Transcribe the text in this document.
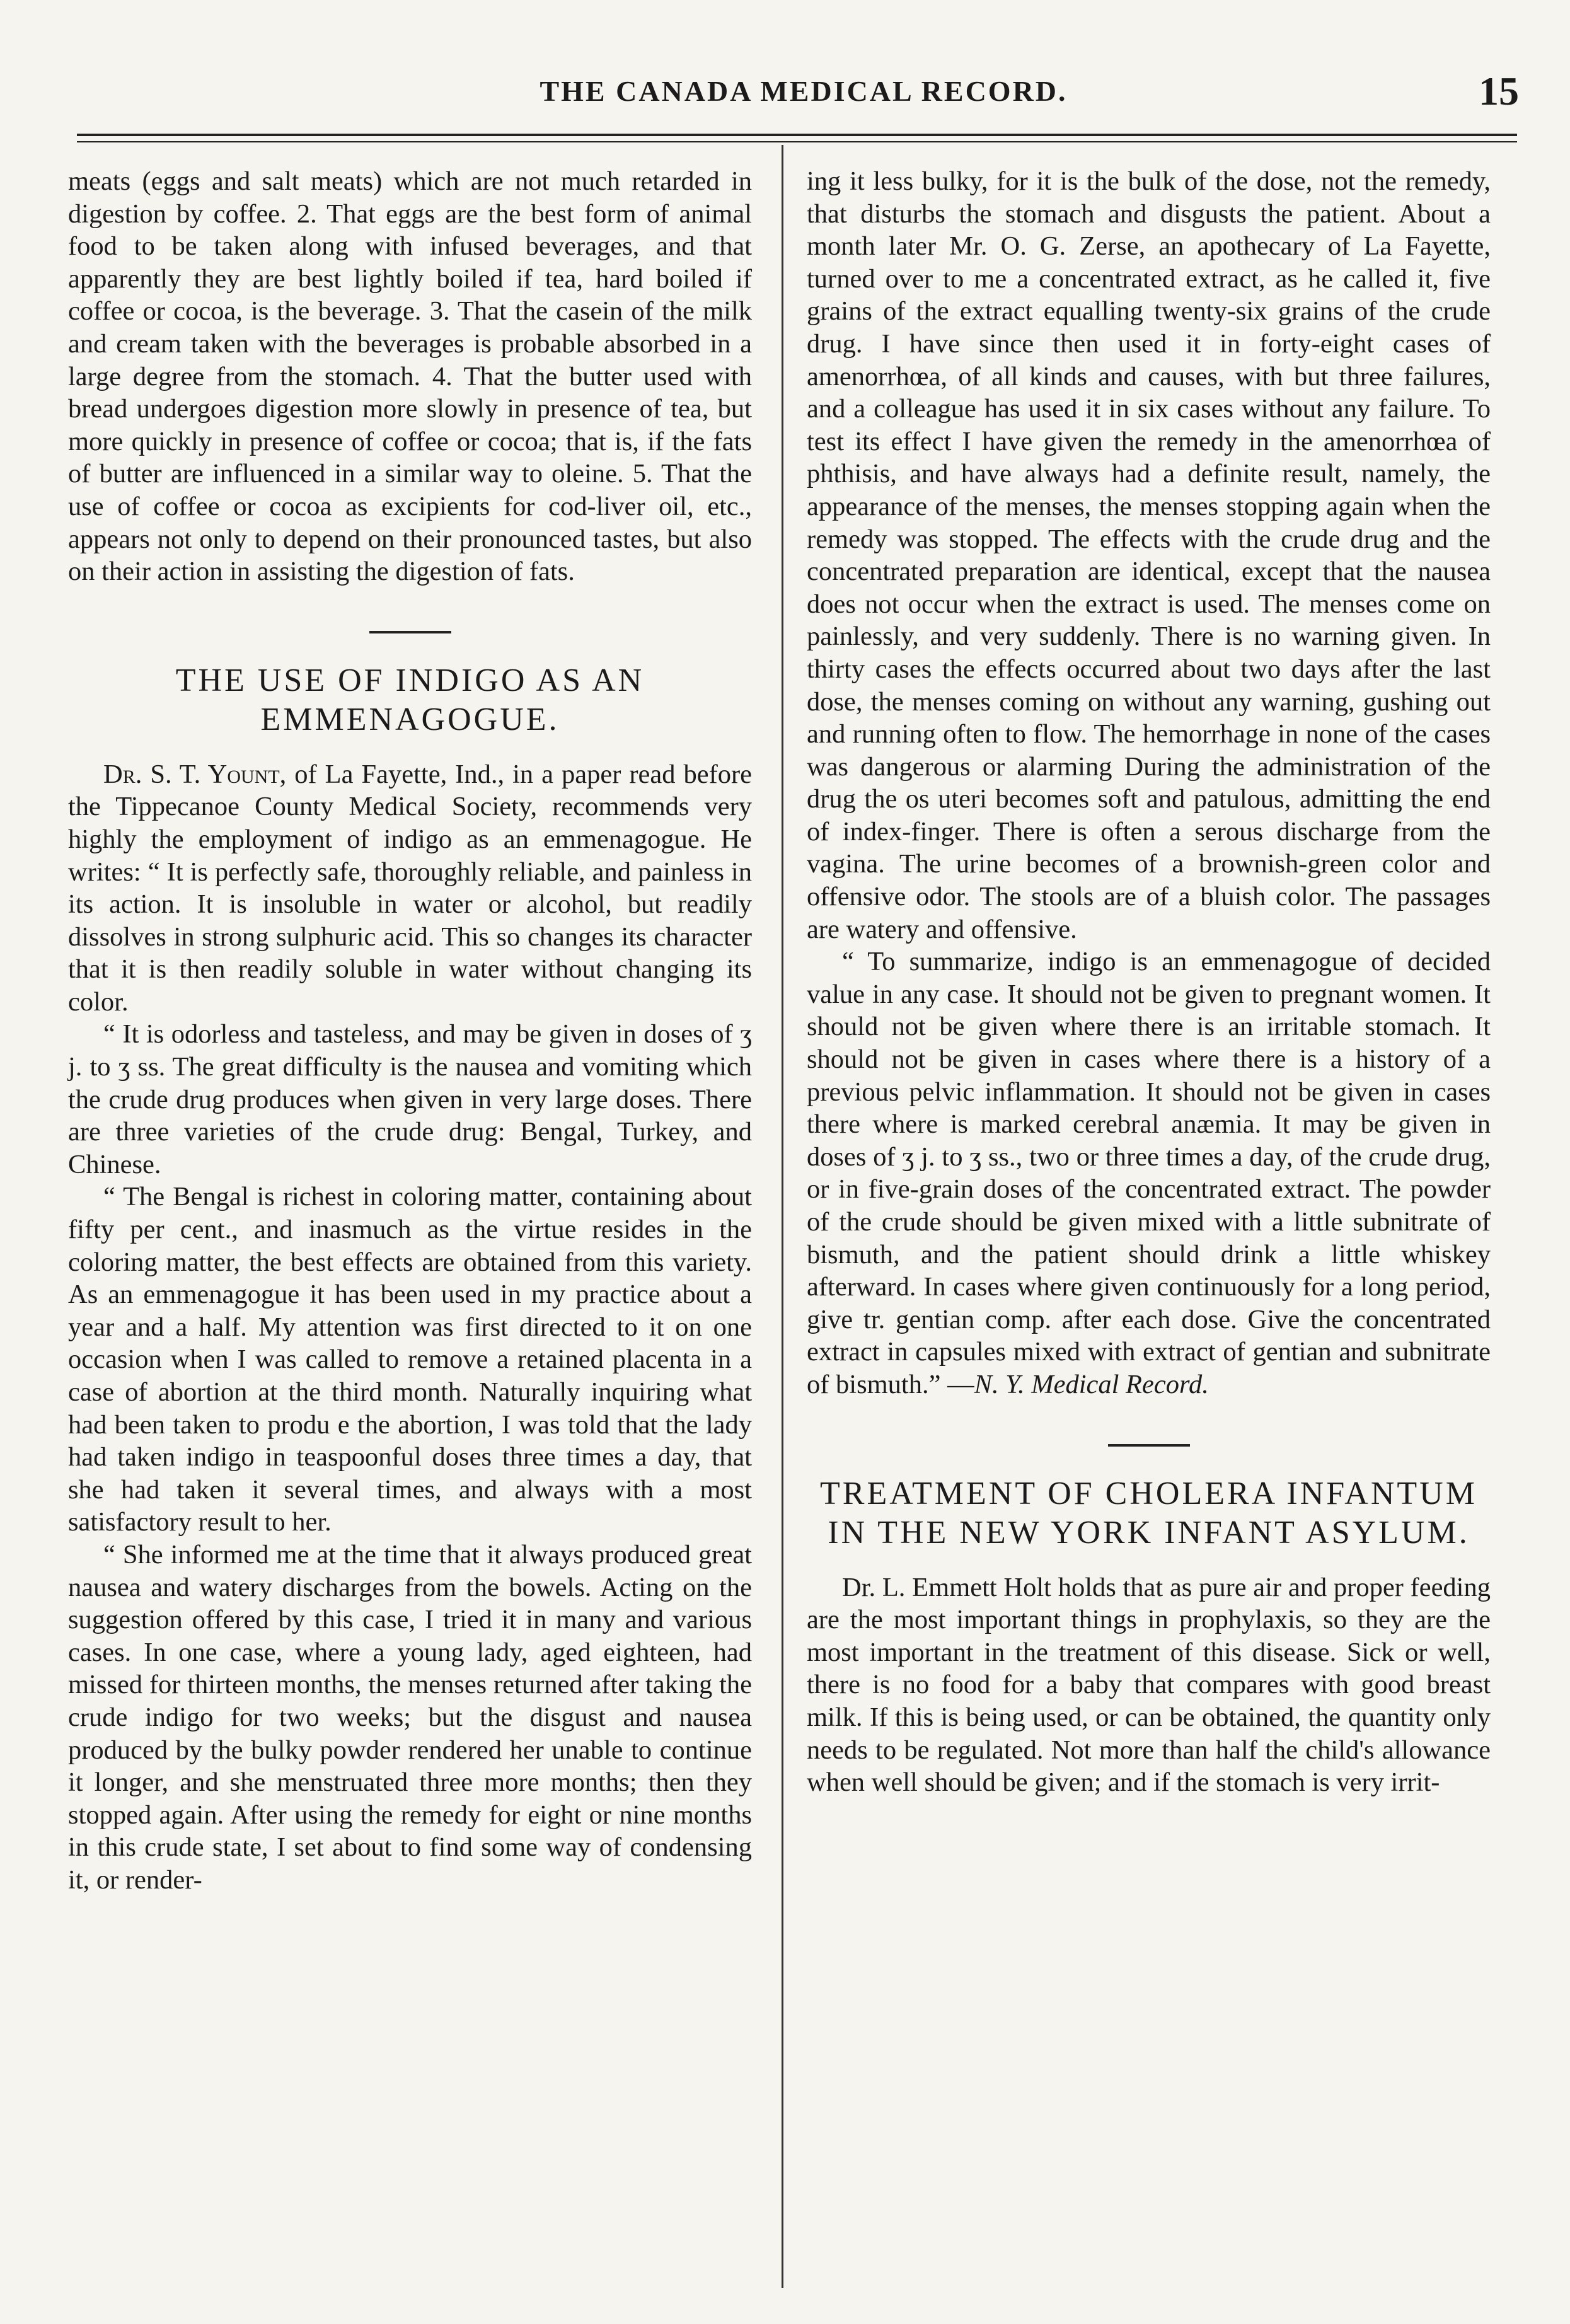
THE CANADA MEDICAL RECORD.	15

meats (eggs and salt meats) which are not much retarded in digestion by coffee. 2. That eggs are the best form of animal food to be taken along with infused beverages, and that apparently they are best lightly boiled if tea, hard boiled if coffee or cocoa, is the beverage. 3. That the casein of the milk and cream taken with the beverages is probable absorbed in a large degree from the stomach. 4. That the butter used with bread undergoes digestion more slowly in presence of tea, but more quickly in presence of coffee or cocoa; that is, if the fats of butter are influenced in a similar way to oleine. 5. That the use of coffee or cocoa as excipients for cod-liver oil, etc., appears not only to depend on their pronounced tastes, but also on their action in assisting the digestion of fats.

THE USE OF INDIGO AS AN EMMENAGOGUE.

Dr. S. T. Yount, of La Fayette, Ind., in a paper read before the Tippecanoe County Medical Society, recommends very highly the employment of indigo as an emmenagogue. He writes: “ It is perfectly safe, thoroughly reliable, and painless in its action. It is insoluble in water or alcohol, but readily dissolves in strong sulphuric acid. This so changes its character that it is then readily soluble in water without changing its color.

“ It is odorless and tasteless, and may be given in doses of ʒ j. to ʒ ss. The great difficulty is the nausea and vomiting which the crude drug produces when given in very large doses. There are three varieties of the crude drug: Bengal, Turkey, and Chinese.

“ The Bengal is richest in coloring matter, containing about fifty per cent., and inasmuch as the virtue resides in the coloring matter, the best effects are obtained from this variety. As an emmenagogue it has been used in my practice about a year and a half. My attention was first directed to it on one occasion when I was called to remove a retained placenta in a case of abortion at the third month. Naturally inquiring what had been taken to produ e the abortion, I was told that the lady had taken indigo in teaspoonful doses three times a day, that she had taken it several times, and always with a most satisfactory result to her.

“ She informed me at the time that it always produced great nausea and watery discharges from the bowels. Acting on the suggestion offered by this case, I tried it in many and various cases. In one case, where a young lady, aged eighteen, had missed for thirteen months, the menses returned after taking the crude indigo for two weeks; but the disgust and nausea produced by the bulky powder rendered her unable to continue it longer, and she menstruated three more months; then they stopped again. After using the remedy for eight or nine months in this crude state, I set about to find some way of condensing it, or render-

ing it less bulky, for it is the bulk of the dose, not the remedy, that disturbs the stomach and disgusts the patient. About a month later Mr. O. G. Zerse, an apothecary of La Fayette, turned over to me a concentrated extract, as he called it, five grains of the extract equalling twenty-six grains of the crude drug. I have since then used it in forty-eight cases of amenorrhœa, of all kinds and causes, with but three failures, and a colleague has used it in six cases without any failure. To test its effect I have given the remedy in the amenorrhœa of phthisis, and have always had a definite result, namely, the appearance of the menses, the menses stopping again when the remedy was stopped. The effects with the crude drug and the concentrated preparation are identical, except that the nausea does not occur when the extract is used. The menses come on painlessly, and very suddenly. There is no warning given. In thirty cases the effects occurred about two days after the last dose, the menses coming on without any warning, gushing out and running often to flow. The hemorrhage in none of the cases was dangerous or alarming During the administration of the drug the os uteri becomes soft and patulous, admitting the end of index-finger. There is often a serous discharge from the vagina. The urine becomes of a brownish-green color and offensive odor. The stools are of a bluish color. The passages are watery and offensive.

“ To summarize, indigo is an emmenagogue of decided value in any case. It should not be given to pregnant women. It should not be given where there is an irritable stomach. It should not be given in cases where there is a history of a previous pelvic inflammation. It should not be given in cases there where is marked cerebral anæmia. It may be given in doses of ʒ j. to ʒ ss., two or three times a day, of the crude drug, or in five-grain doses of the concentrated extract. The powder of the crude should be given mixed with a little subnitrate of bismuth, and the patient should drink a little whiskey afterward. In cases where given continuously for a long period, give tr. gentian comp. after each dose. Give the concentrated extract in capsules mixed with extract of gentian and subnitrate of bismuth.” —N. Y. Medical Record.

TREATMENT OF CHOLERA INFANTUM IN THE NEW YORK INFANT ASYLUM.

Dr. L. Emmett Holt holds that as pure air and proper feeding are the most important things in prophylaxis, so they are the most important in the treatment of this disease. Sick or well, there is no food for a baby that compares with good breast milk. If this is being used, or can be obtained, the quantity only needs to be regulated. Not more than half the child's allowance when well should be given; and if the stomach is very irrit-
